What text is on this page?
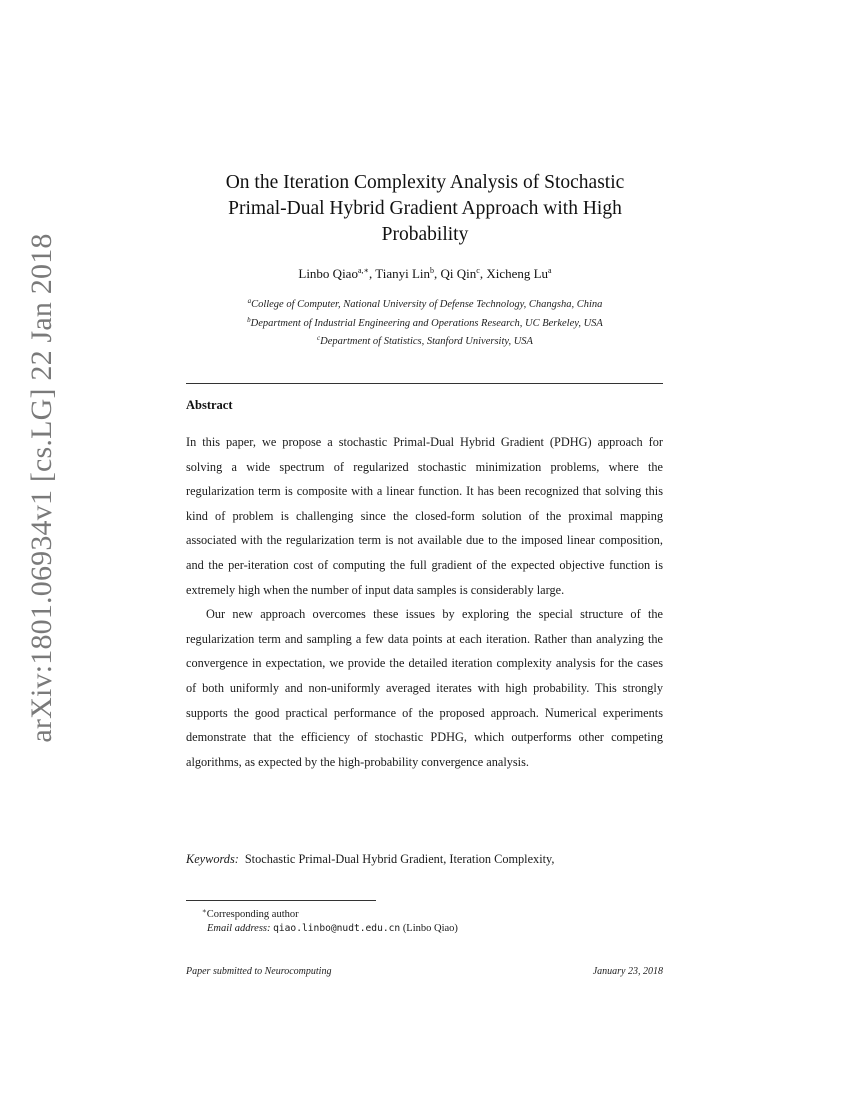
arXiv:1801.06934v1 [cs.LG] 22 Jan 2018
On the Iteration Complexity Analysis of Stochastic
Primal-Dual Hybrid Gradient Approach with High
Probability
Linbo Qiao$^{a,∗}$, Tianyi Lin$^b$, Qi Qin$^c$, Xicheng Lu$^a$
$^a$College of Computer, National University of Defense Technology, Changsha, China
$^b$Department of Industrial Engineering and Operations Research, UC Berkeley, USA
$^c$Department of Statistics, Stanford University, USA
Abstract

In this paper, we propose a stochastic Primal-Dual Hybrid Gradient (PDHG) approach for solving a wide spectrum of regularized stochastic minimization problems, where the regularization term is composite with a linear function. It has been recognized that solving this kind of problem is challenging since the closed-form solution of the proximal mapping associated with the regularization term is not available due to the imposed linear composition, and the per-iteration cost of computing the full gradient of the expected objective function is extremely high when the number of input data samples is considerably large.

Our new approach overcomes these issues by exploring the special structure of the regularization term and sampling a few data points at each iteration. Rather than analyzing the convergence in expectation, we provide the detailed iteration complexity analysis for the cases of both uniformly and non-uniformly averaged iterates with high probability. This strongly supports the good practical performance of the proposed approach. Numerical experiments demonstrate that the efficiency of stochastic PDHG, which outperforms other competing algorithms, as expected by the high-probability convergence analysis.

Keywords: Stochastic Primal-Dual Hybrid Gradient, Iteration Complexity,
∗Corresponding author
Email address: qiao.linbo@nudt.edu.cn (Linbo Qiao)
Paper submitted to Neurocomputing	January 23, 2018
